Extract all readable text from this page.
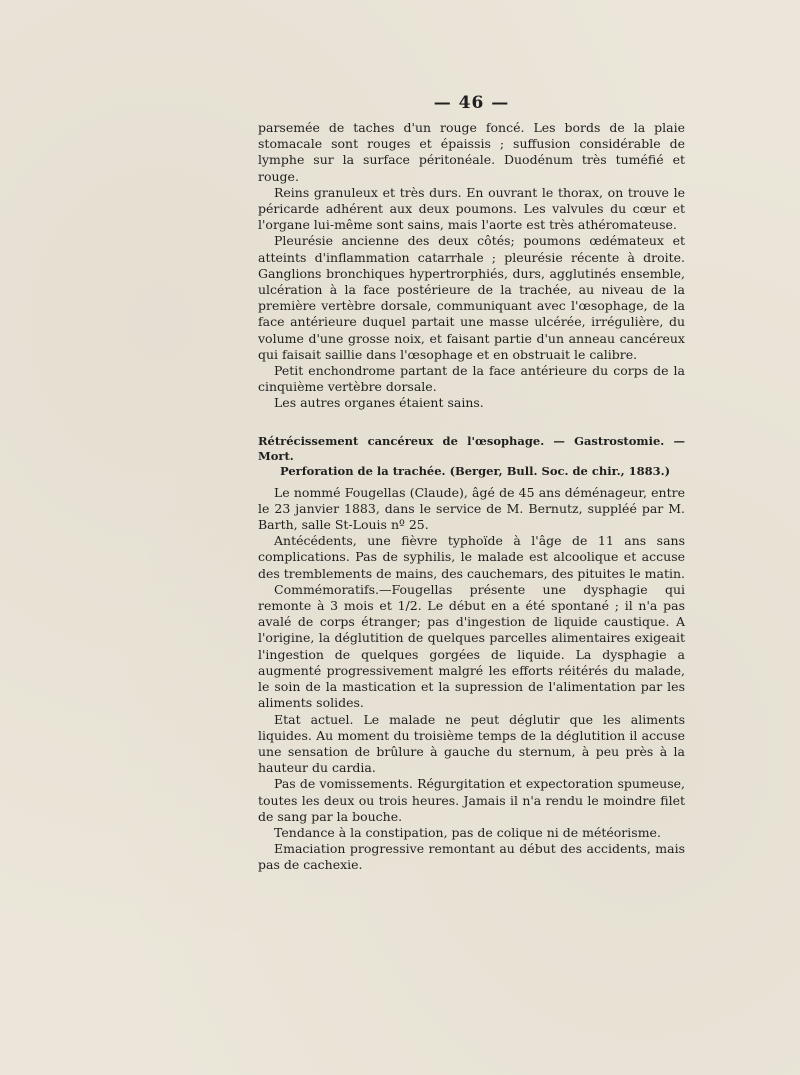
— 46 —

parsemée de taches d'un rouge foncé. Les bords de la plaie stomacale sont rouges et épaissis ; suffusion considérable de lymphe sur la surface péritonéale. Duodénum très tuméfié et rouge.

Reins granuleux et très durs. En ouvrant le thorax, on trouve le péricarde adhérent aux deux poumons. Les valvules du cœur et l'organe lui-même sont sains, mais l'aorte est très athéromateuse.

Pleurésie ancienne des deux côtés; poumons œdémateux et atteints d'inflammation catarrhale ; pleurésie récente à droite. Ganglions bronchiques hypertrorphiés, durs, agglutinés ensemble, ulcération à la face postérieure de la trachée, au niveau de la première vertèbre dorsale, communiquant avec l'œsophage, de la face antérieure duquel partait une masse ulcérée, irrégulière, du volume d'une grosse noix, et faisant partie d'un anneau cancéreux qui faisait saillie dans l'œsophage et en obstruait le calibre.

Petit enchondrome partant de la face antérieure du corps de la cinquième vertèbre dorsale.

Les autres organes étaient sains.

Rétrécissement cancéreux de l'œsophage. — Gastrostomie. — Mort.

Perforation de la trachée. (Berger, Bull. Soc. de chir., 1883.)

Le nommé Fougellas (Claude), âgé de 45 ans déménageur, entre le 23 janvier 1883, dans le service de M. Bernutz, suppléé par M. Barth, salle St-Louis nº 25.

Antécédents, une fièvre typhoïde à l'âge de 11 ans sans complications. Pas de syphilis, le malade est alcoolique et accuse des tremblements de mains, des cauchemars, des pituites le matin.

Commémoratifs.—Fougellas présente une dysphagie qui remonte à 3 mois et 1/2. Le début en a été spontané ; il n'a pas avalé de corps étranger; pas d'ingestion de liquide caustique. A l'origine, la déglutition de quelques parcelles alimentaires exigeait l'ingestion de quelques gorgées de liquide. La dysphagie a augmenté progressivement malgré les efforts réitérés du malade, le soin de la mastication et la supression de l'alimentation par les aliments solides.

Etat actuel. Le malade ne peut déglutir que les aliments liquides. Au moment du troisième temps de la déglutition il accuse une sensation de brûlure à gauche du sternum, à peu près à la hauteur du cardia.

Pas de vomissements. Régurgitation et expectoration spumeuse, toutes les deux ou trois heures. Jamais il n'a rendu le moindre filet de sang par la bouche.

Tendance à la constipation, pas de colique ni de météorisme.

Emaciation progressive remontant au début des accidents, mais pas de cachexie.
